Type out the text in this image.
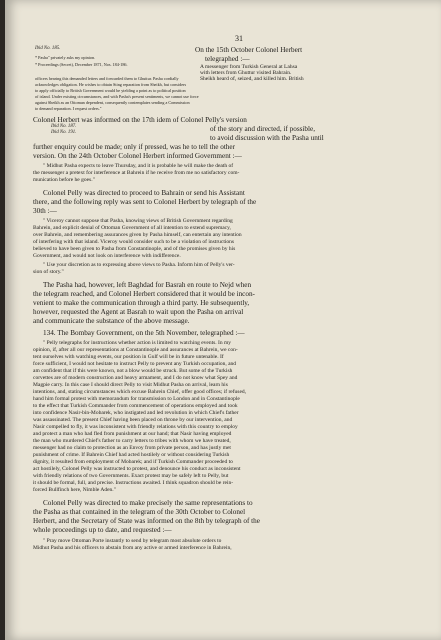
31
Ibid No. 185.
Ibid No. 187.
Ibid No. 191.
* Pasha" privately asks my opinion.
* Proceedings (Secret), December 1871, Nos. 184-186.
officers hearing this demanded letters and forwarded them to Ghuttur. Pasha cordially
acknowledges obligation. He wishes to obtain Sting reparation from Sheikh, but considers
to apply officially to British Government would be yielding a point as to political position
of island. Under existing circumstances, and with Pasha's present sentiments, we cannot use force
against Sheikh as an Ottoman dependent, consequently contemplates sending a Commission
to demand reparation. I request orders."
On the 15th October Colonel Herbert
telegraphed :—
A messenger from Turkish General at Lahsa
with letters from Ghuttur visited Bahrain.
Sheikh heard of, seized, and killed him. British
Colonel Herbert was informed on the 17th idem of Colonel Pelly's version
of the story and directed, if possible,
to avoid discussion with the Pasha until
further enquiry could be made; only if pressed, was he to tell the other
version. On the 24th October Colonel Herbert informed Government :—
" Midhut Pasha expects to leave Thursday, and it is probable he will make the death of
the messenger a pretext for interference at Bahrein if he receive from me no satisfactory com-
munication before he goes."
Colonel Pelly was directed to proceed to Bahrain or send his Assistant
there, and the following reply was sent to Colonel Herbert by telegraph of the
30th :—
" Viceroy cannot suppose that Pasha, knowing views of British Government regarding
Bahrein, and explicit denial of Ottoman Government of all intention to extend supremacy,
over Bahrein, and remembering assurances given by Pasha himself, can entertain any intention
of interfering with that island. Viceroy would consider such to be a violation of instructions
believed to have been given to Pasha from Constantinople, and of the promises given by his
Government, and would not look on interference with indifference.
" Use your discretion as to expressing above views to Pasha. Inform him of Pelly's ver-
sion of story."
The Pasha had, however, left Baghdad for Basrah en route to Nejd when
the telegram reached, and Colonel Herbert considered that it would be incon-
venient to make the communication through a third party. He subsequently,
however, requested the Agent at Basrah to wait upon the Pasha on arrival
and communicate the substance of the above message.
134. The Bombay Government, on the 5th November, telegraphed :—
" Pelly telegraphs for instructions whether action is limited to watching events. In my
opinion, if, after all our representations at Constantinople and assurances at Bahrein, we con-
tent ourselves with watching events, our position in Gulf will be in future untenable. If
force sufficient, I would not hesitate to instruct Pelly to prevent any Turkish occupation, and
am confident that if this were known, not a blow would be struck. But some of the Turkish
corvettes are of modern construction and heavy armament, and I do not know what Spey and
Magpie carry. In this case I should direct Pelly to visit Midhut Pasha on arrival, learn his
intentions, and, stating circumstances which excuse Bahrein Chief, offer good offices; if refused,
hand him formal protest with memorandum for transmission to London and in Constantinople
to the effect that Turkish Commander from commencement of operations employed and took
into confidence Nasir-bin-Mobarek, who instigated and led revolution in which Chief's father
was assassinated. The present Chief having been placed on throne by our intervention, and
Nasir compelled to fly, it was inconsistent with friendly relations with this country to employ
and protect a man who had fled from punishment at our hand; that Nasir having employed
the man who murdered Chief's father to carry letters to tribes with whom we have treated,
messenger had no claim to protection as an Envoy from private person, and has justly met
punishment of crime. If Bahrein Chief had acted hostilely or without considering Turkish
dignity, it resulted from employment of Mobarek; and if Turkish Commander proceeded to
act hostilely, Colonel Pelly was instructed to protest, and denounce his conduct as inconsistent
with friendly relations of two Governments. Exact protest may be safely left to Pelly, but
it should be formal, full, and precise. Instructions awaited. I think squadron should be rein-
forced Bullfinch here, Nimble Aden."
Colonel Pelly was directed to make precisely the same representations to
the Pasha as that contained in the telegram of the 30th October to Colonel
Herbert, and the Secretary of State was informed on the 8th by telegraph of the
whole proceedings up to date, and requested :—
" Pray move Ottoman Porte instantly to send by telegram most absolute orders to
Midhut Pasha and his officers to abstain from any active or armed interference in Bahrein,
